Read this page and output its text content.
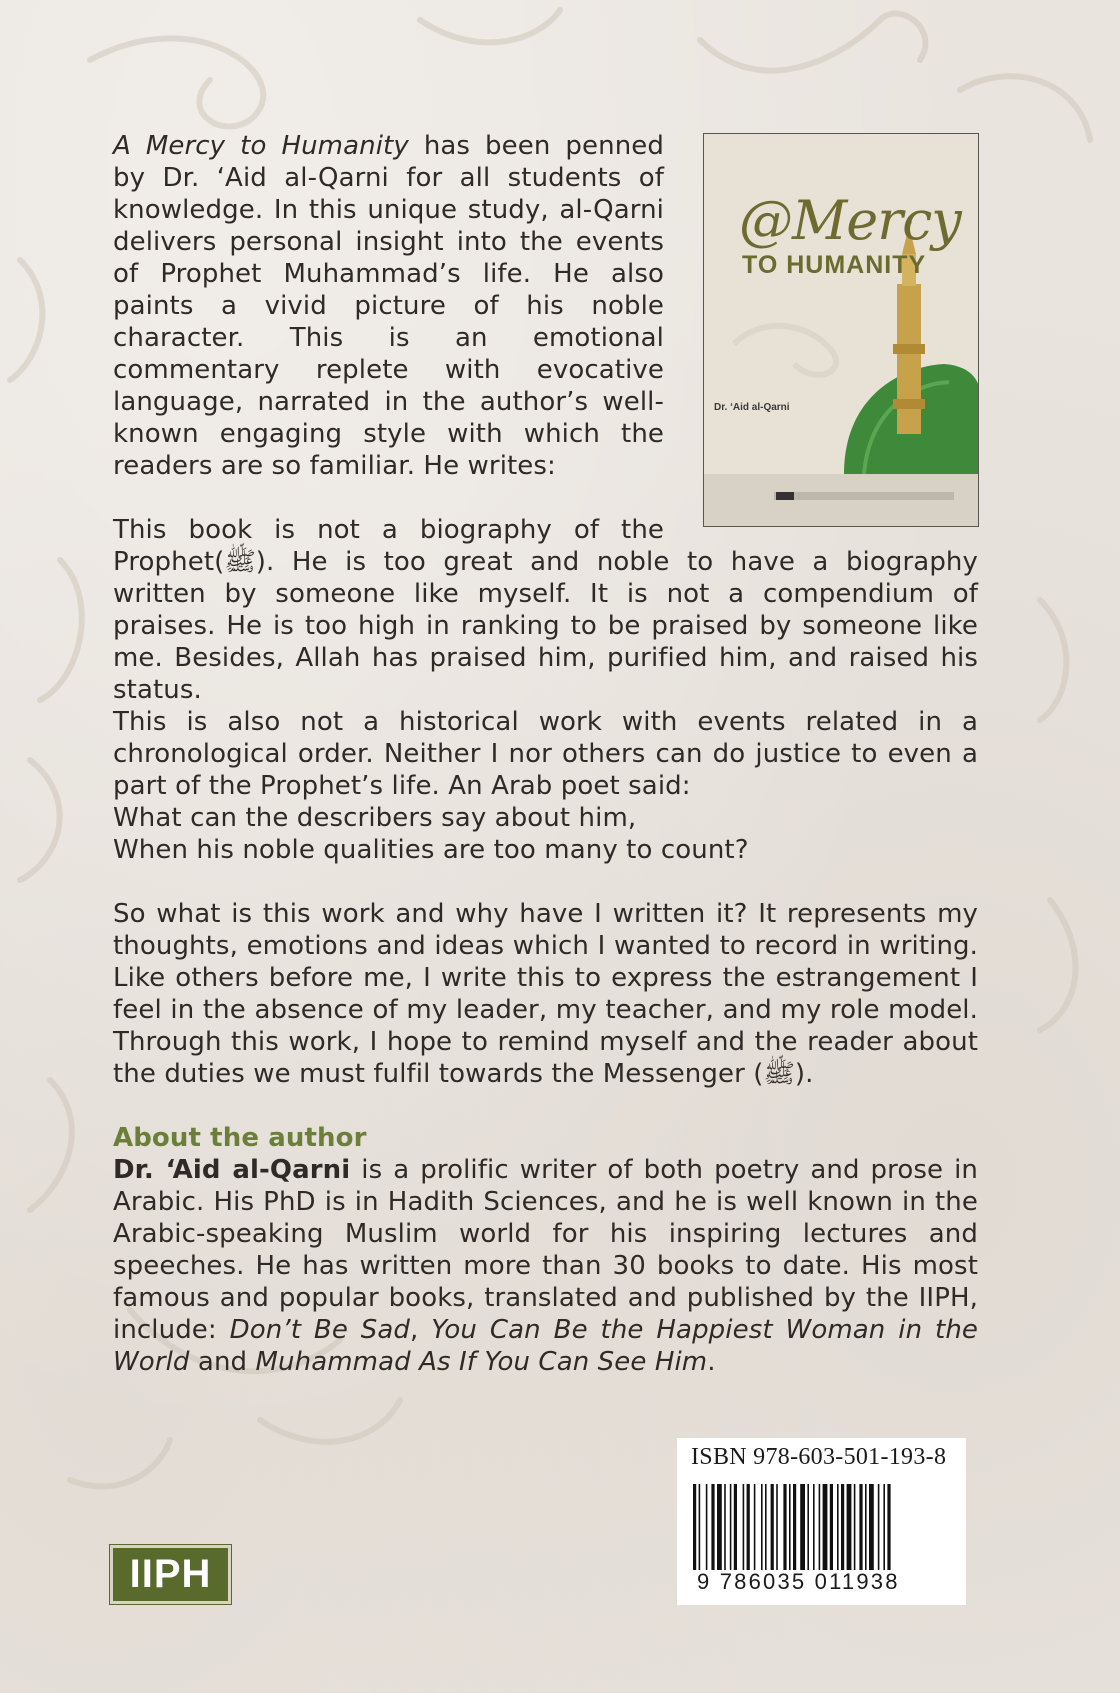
@Mercy
TO HUMANITY
Dr. ‘Aid al-Qarni

A Mercy to Humanity has been penned by Dr. ‘Aid al-Qarni for all students of knowledge. In this unique study, al-Qarni delivers personal insight into the events of Prophet Muhammad’s life. He also paints a vivid picture of his noble character. This is an emotional commentary replete with evocative language, narrated in the author’s well-known engaging style with which the readers are so familiar. He writes:

This book is not a biography of the Prophet(ﷺ). He is too great and noble to have a biography written by someone like myself. It is not a compendium of praises. He is too high in ranking to be praised by someone like me. Besides, Allah has praised him, purified him, and raised his status.

This is also not a historical work with events related in a chronological order. Neither I nor others can do justice to even a part of the Prophet’s life. An Arab poet said:

What can the describers say about him,

When his noble qualities are too many to count?

So what is this work and why have I written it? It represents my thoughts, emotions and ideas which I wanted to record in writing. Like others before me, I write this to express the estrangement I feel in the absence of my leader, my teacher, and my role model. Through this work, I hope to remind myself and the reader about the duties we must fulfil towards the Messenger (ﷺ).

About the author

Dr. ‘Aid al-Qarni is a prolific writer of both poetry and prose in Arabic. His PhD is in Hadith Sciences, and he is well known in the Arabic-speaking Muslim world for his inspiring lectures and speeches. He has written more than 30 books to date. His most famous and popular books, translated and published by the IIPH, include: Don’t Be Sad, You Can Be the Happiest Woman in the World and Muhammad As If You Can See Him.

ISBN 978-603-501-193-8
9 786035 011938
IIPH
